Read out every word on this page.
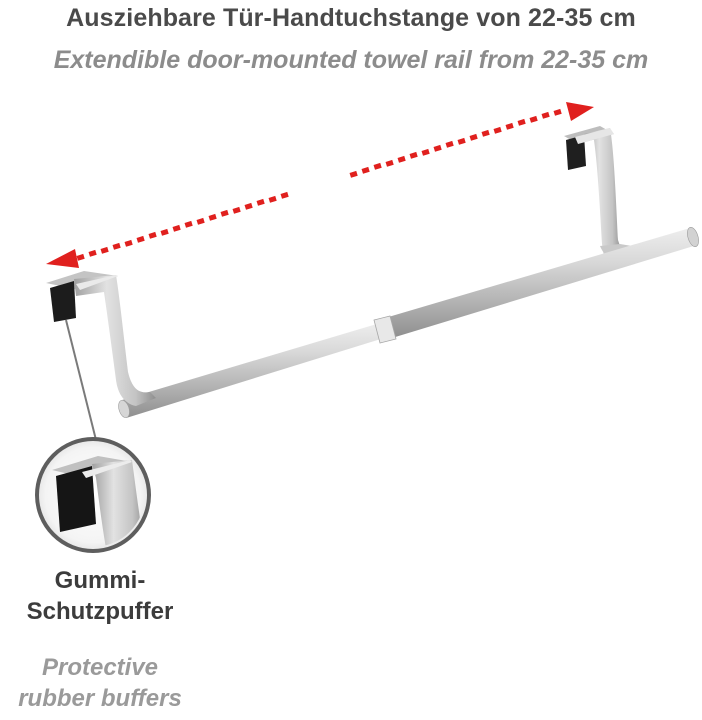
Ausziehbare Tür-Handtuchstange von 22-35 cm
Extendible door-mounted towel rail from 22-35 cm
Gummi-
Schutzpuffer
Protective
rubber buffers
